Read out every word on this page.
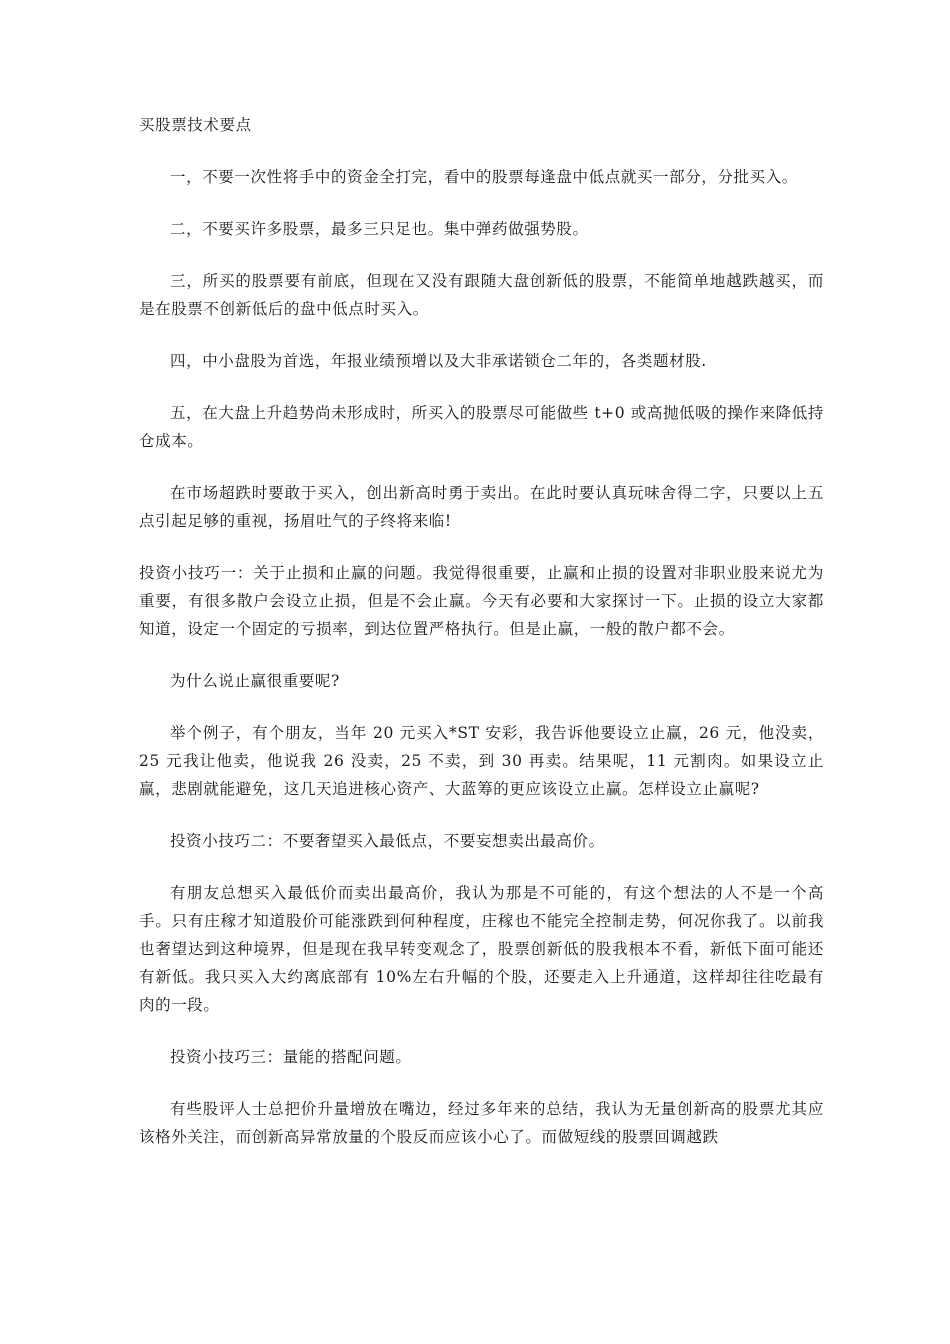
买股票技术要点

一，不要一次性将手中的资金全打完，看中的股票每逢盘中低点就买一部分，分批买入。

二，不要买许多股票，最多三只足也。集中弹药做强势股。

三，所买的股票要有前底，但现在又没有跟随大盘创新低的股票，不能简单地越跌越买，而是在股票不创新低后的盘中低点时买入。

四，中小盘股为首选，年报业绩预增以及大非承诺锁仓二年的，各类题材股.

五，在大盘上升趋势尚未形成时，所买入的股票尽可能做些 t+0 或高抛低吸的操作来降低持仓成本。

在市场超跌时要敢于买入，创出新高时勇于卖出。在此时要认真玩味舍得二字，只要以上五点引起足够的重视，扬眉吐气的子终将来临!

投资小技巧一：关于止损和止赢的问题。我觉得很重要，止赢和止损的设置对非职业股来说尤为重要，有很多散户会设立止损，但是不会止赢。今天有必要和大家探讨一下。止损的设立大家都知道，设定一个固定的亏损率，到达位置严格执行。但是止赢，一般的散户都不会。

为什么说止赢很重要呢?

举个例子，有个朋友，当年 20 元买入*ST 安彩，我告诉他要设立止赢，26 元，他没卖，25 元我让他卖，他说我 26 没卖，25 不卖，到 30 再卖。结果呢，11 元割肉。如果设立止赢，悲剧就能避免，这几天追进核心资产、大蓝筹的更应该设立止赢。怎样设立止赢呢?

投资小技巧二：不要奢望买入最低点，不要妄想卖出最高价。

有朋友总想买入最低价而卖出最高价，我认为那是不可能的，有这个想法的人不是一个高手。只有庄稼才知道股价可能涨跌到何种程度，庄稼也不能完全控制走势，何况你我了。以前我也奢望达到这种境界，但是现在我早转变观念了，股票创新低的股我根本不看，新低下面可能还有新低。我只买入大约离底部有 10%左右升幅的个股，还要走入上升通道，这样却往往吃最有肉的一段。

投资小技巧三：量能的搭配问题。

有些股评人士总把价升量增放在嘴边，经过多年来的总结，我认为无量创新高的股票尤其应该格外关注，而创新高异常放量的个股反而应该小心了。而做短线的股票回调越跌
